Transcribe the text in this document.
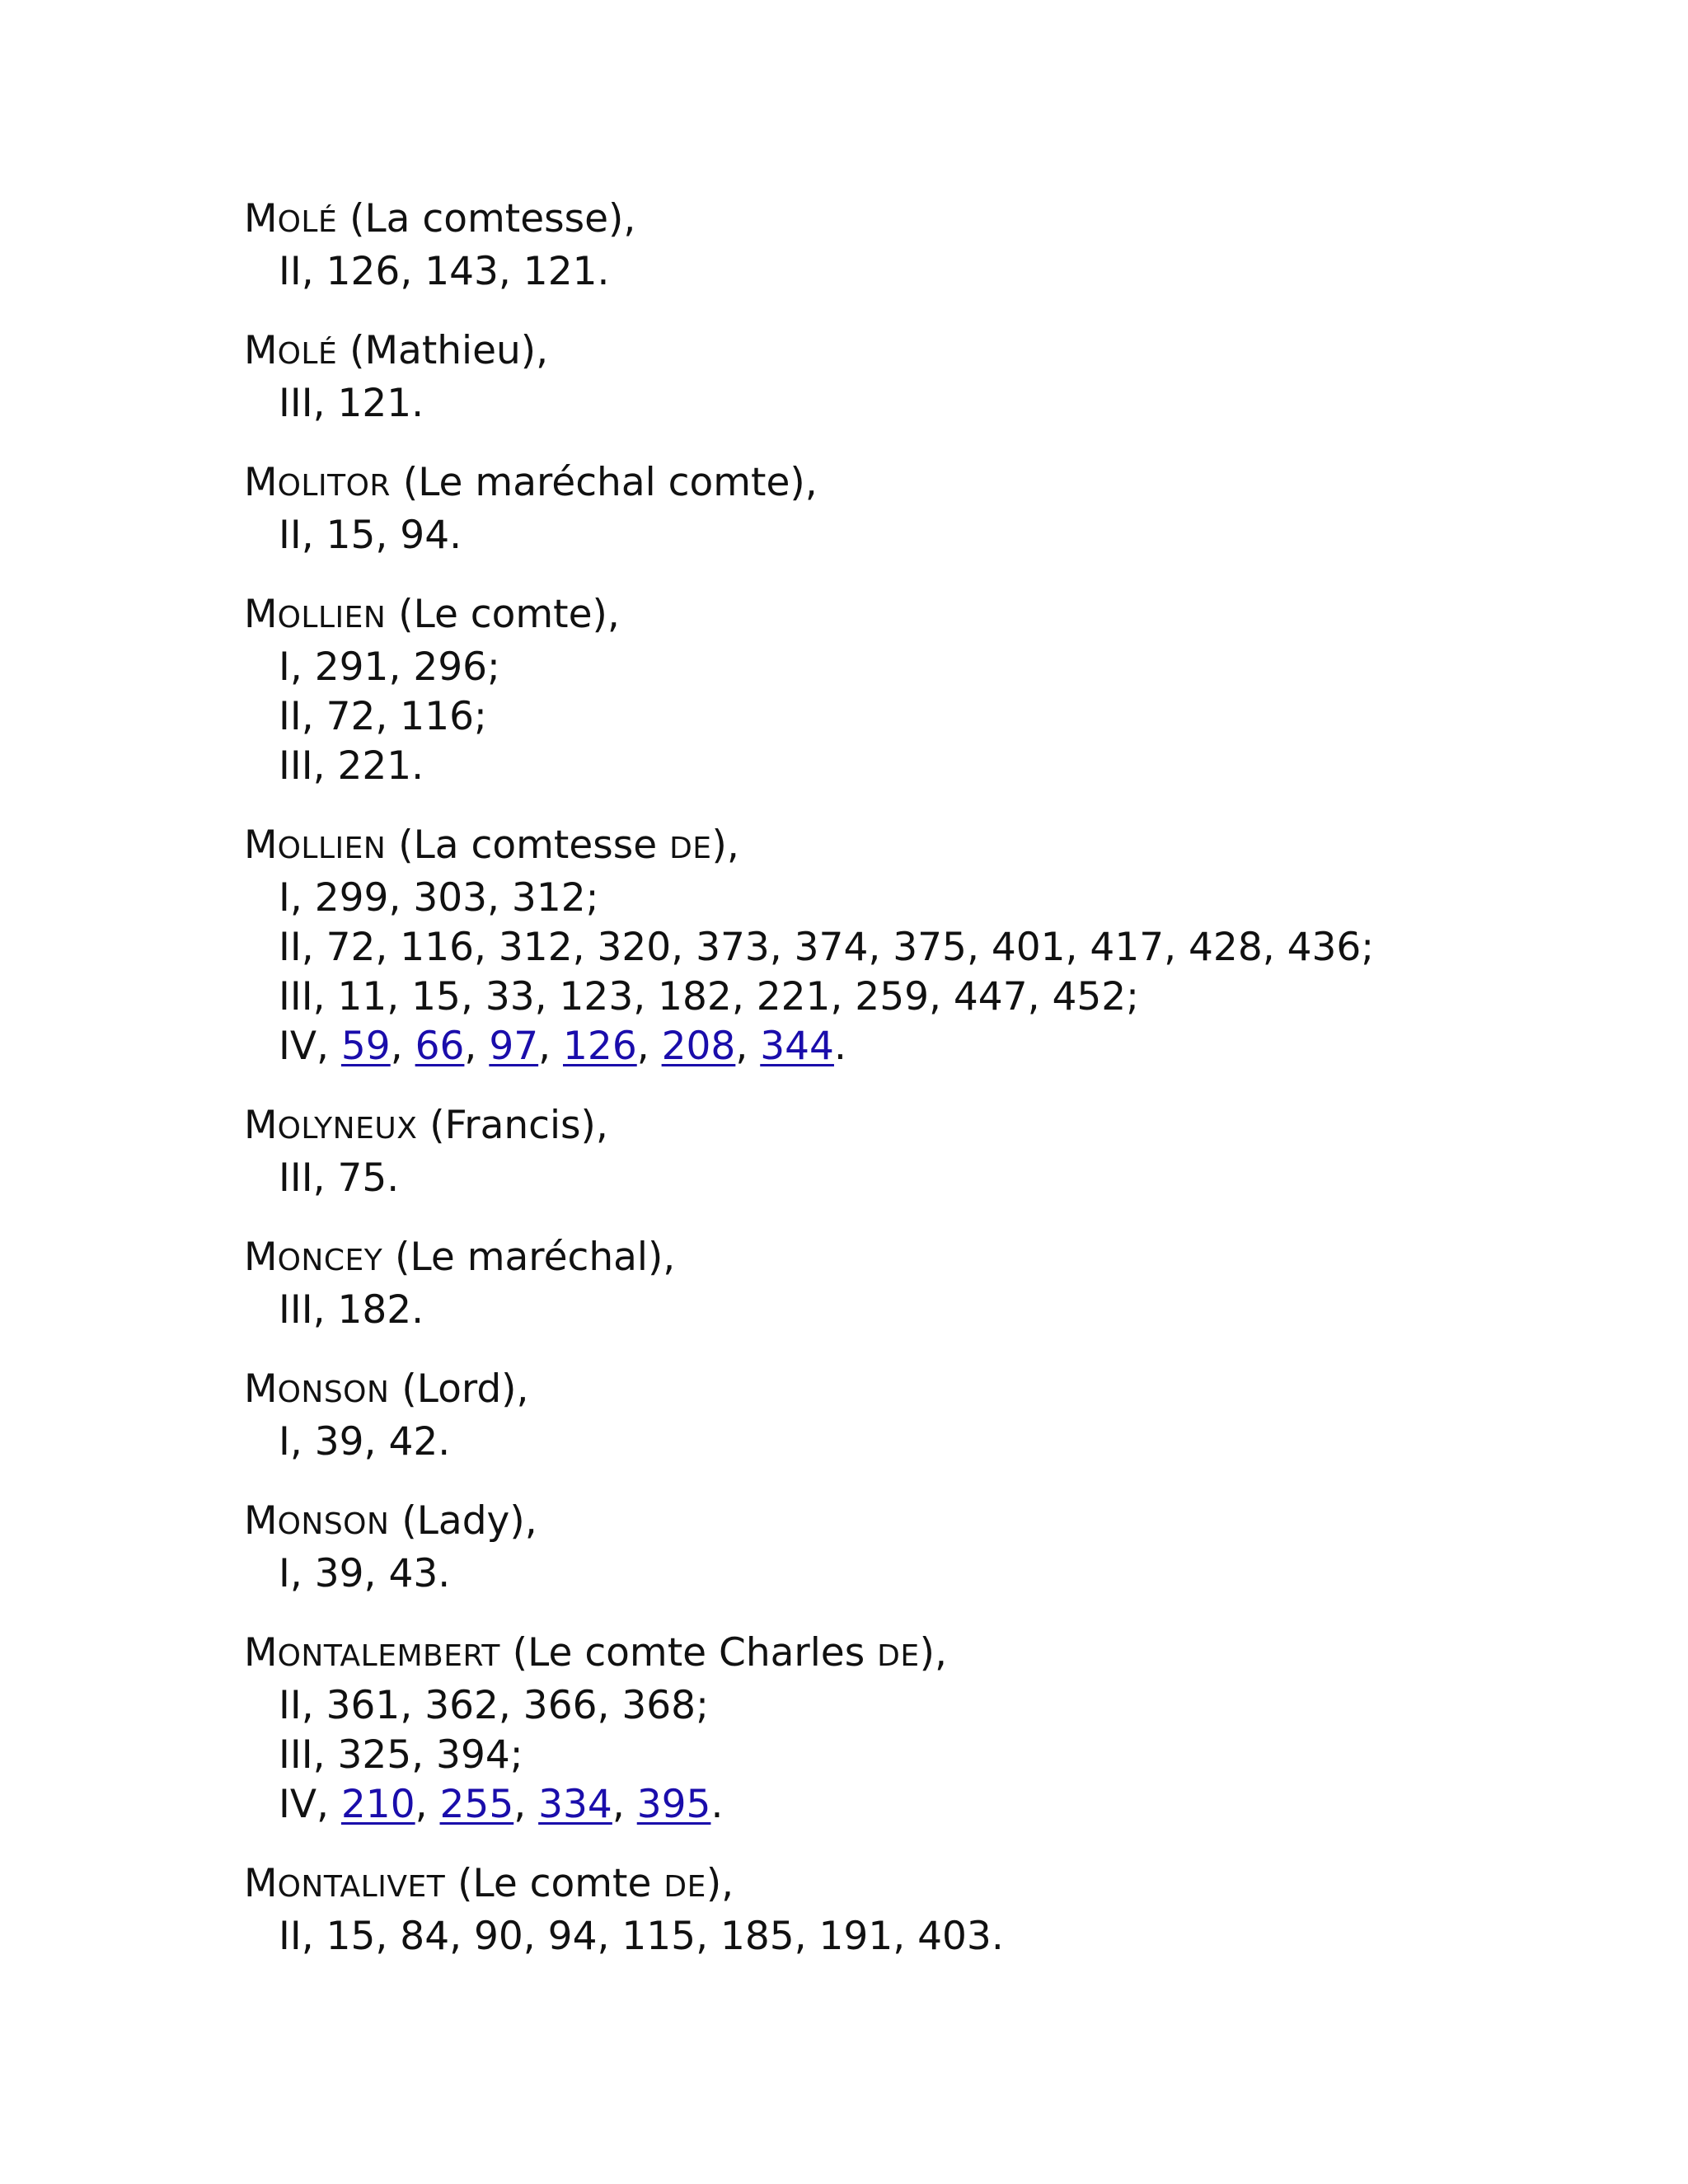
MOLÉ (La comtesse),
II, 126, 143, 121.
MOLÉ (Mathieu),
III, 121.
MOLITOR (Le maréchal comte),
II, 15, 94.
MOLLIEN (Le comte),
I, 291, 296;
II, 72, 116;
III, 221.
MOLLIEN (La comtesse DE),
I, 299, 303, 312;
II, 72, 116, 312, 320, 373, 374, 375, 401, 417, 428, 436;
III, 11, 15, 33, 123, 182, 221, 259, 447, 452;
IV, 59, 66, 97, 126, 208, 344.
MOLYNEUX (Francis),
III, 75.
MONCEY (Le maréchal),
III, 182.
MONSON (Lord),
I, 39, 42.
MONSON (Lady),
I, 39, 43.
MONTALEMBERT (Le comte Charles DE),
II, 361, 362, 366, 368;
III, 325, 394;
IV, 210, 255, 334, 395.
MONTALIVET (Le comte DE),
II, 15, 84, 90, 94, 115, 185, 191, 403.
